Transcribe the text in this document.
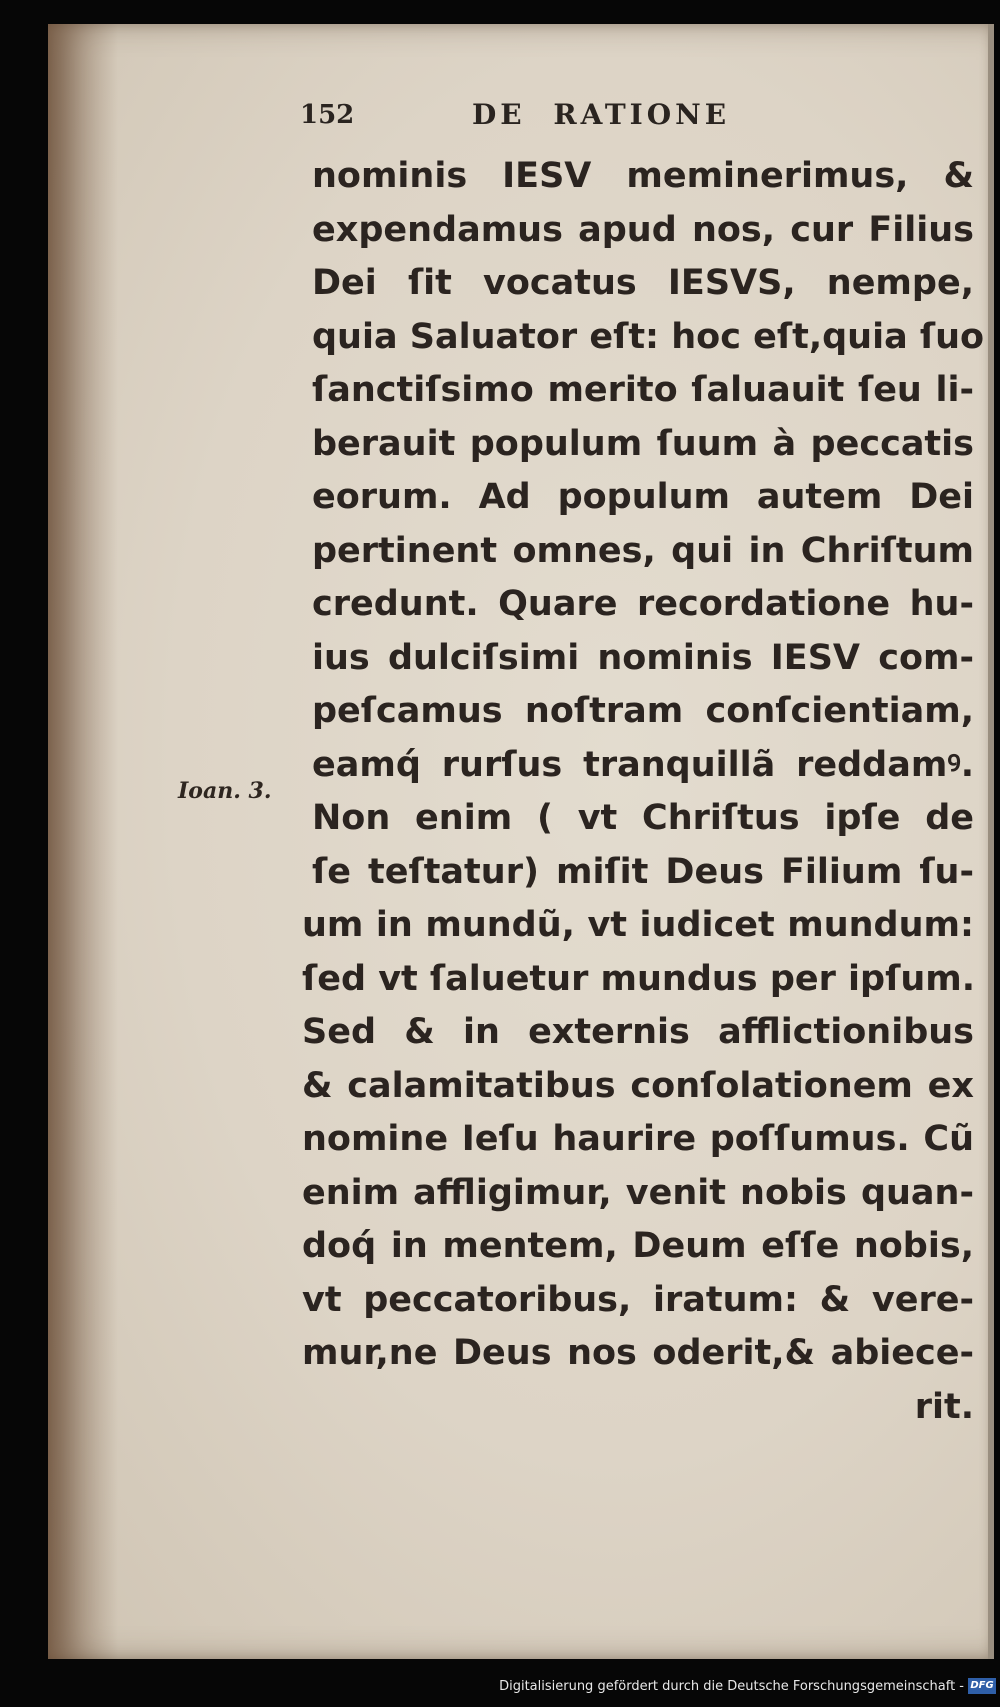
152	DE RATIONE
Ioan. 3.
nominis IESV meminerimus, &
expendamus apud nos, cur Filius
Dei ſit vocatus IESVS, nempe,
quia Saluator eſt: hoc eſt,quia ſuo
ſanctiſsimo merito ſaluauit ſeu li-
berauit populum ſuum à peccatis
eorum. Ad populum autem Dei
pertinent omnes, qui in Chriſtum
credunt. Quare recordatione hu-
ius dulciſsimi nominis IESV com-
peſcamus noſtram conſcientiam,
eamq́ rurſus tranquillã reddamꝰ.
Non enim ( vt Chriſtus ipſe de
ſe teſtatur) miſit Deus Filium ſu-
um in mundũ, vt iudicet mundum:
ſed vt ſaluetur mundus per ipſum.
Sed & in externis afflictionibus
& calamitatibus conſolationem ex
nomine Ieſu haurire poſſumus. Cũ
enim affligimur, venit nobis quan-
doq́ in mentem, Deum eſſe nobis,
vt peccatoribus, iratum: & vere-
mur,ne Deus nos oderit,& abiece-
rit.
Digitalisierung gefördert durch die Deutsche Forschungsgemeinschaft - DFG
